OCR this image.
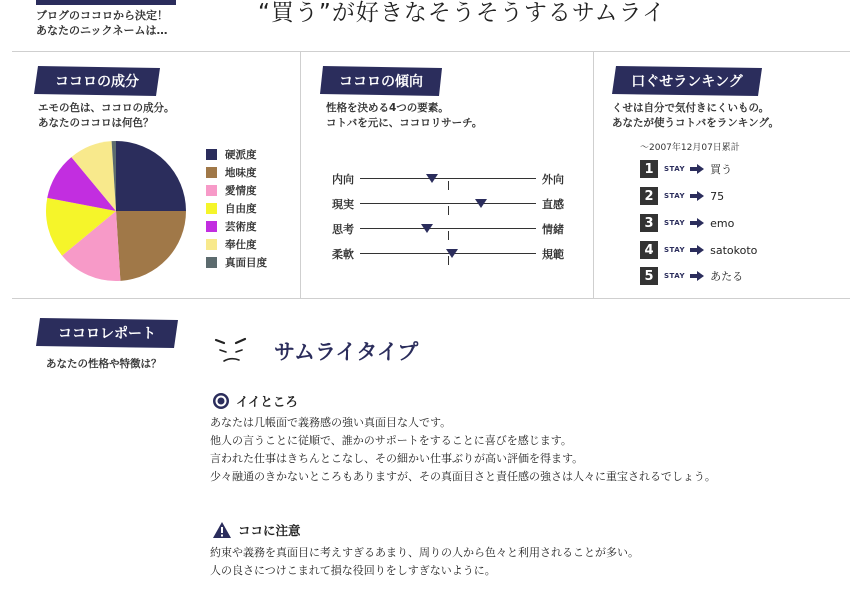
ブログのココロから決定！
あなたのニックネームは…
“買う”が好きなそうそうするサムライ
ココロの成分
エモの色は、ココロの成分。
あなたのココロは何色？
硬派度
地味度
愛情度
自由度
芸術度
奉仕度
真面目度
ココロの傾向
性格を決める4つの要素。
コトバを元に、ココロリサーチ。
内向	外向
現実	直感
思考	情緒
柔軟	規範
口ぐせランキング
くせは自分で気付きにくいもの。
あなたが使うコトバをランキング。
～2007年12月07日累計
1	STAY 買う
2	STAY 75
3	STAY emo
4	STAY satokoto
5	STAY あたる
ココロレポート
あなたの性格や特徴は？	サムライタイプ
イイところ
あなたは几帳面で義務感の強い真面目な人です。
他人の言うことに従順で、誰かのサポートをすることに喜びを感じます。
言われた仕事はきちんとこなし、その細かい仕事ぶりが高い評価を得ます。
少々融通のきかないところもありますが、その真面目さと責任感の強さは人々に重宝されるでしょう。
ココに注意
約束や義務を真面目に考えすぎるあまり、周りの人から色々と利用されることが多い。
人の良さにつけこまれて損な役回りをしすぎないように。
